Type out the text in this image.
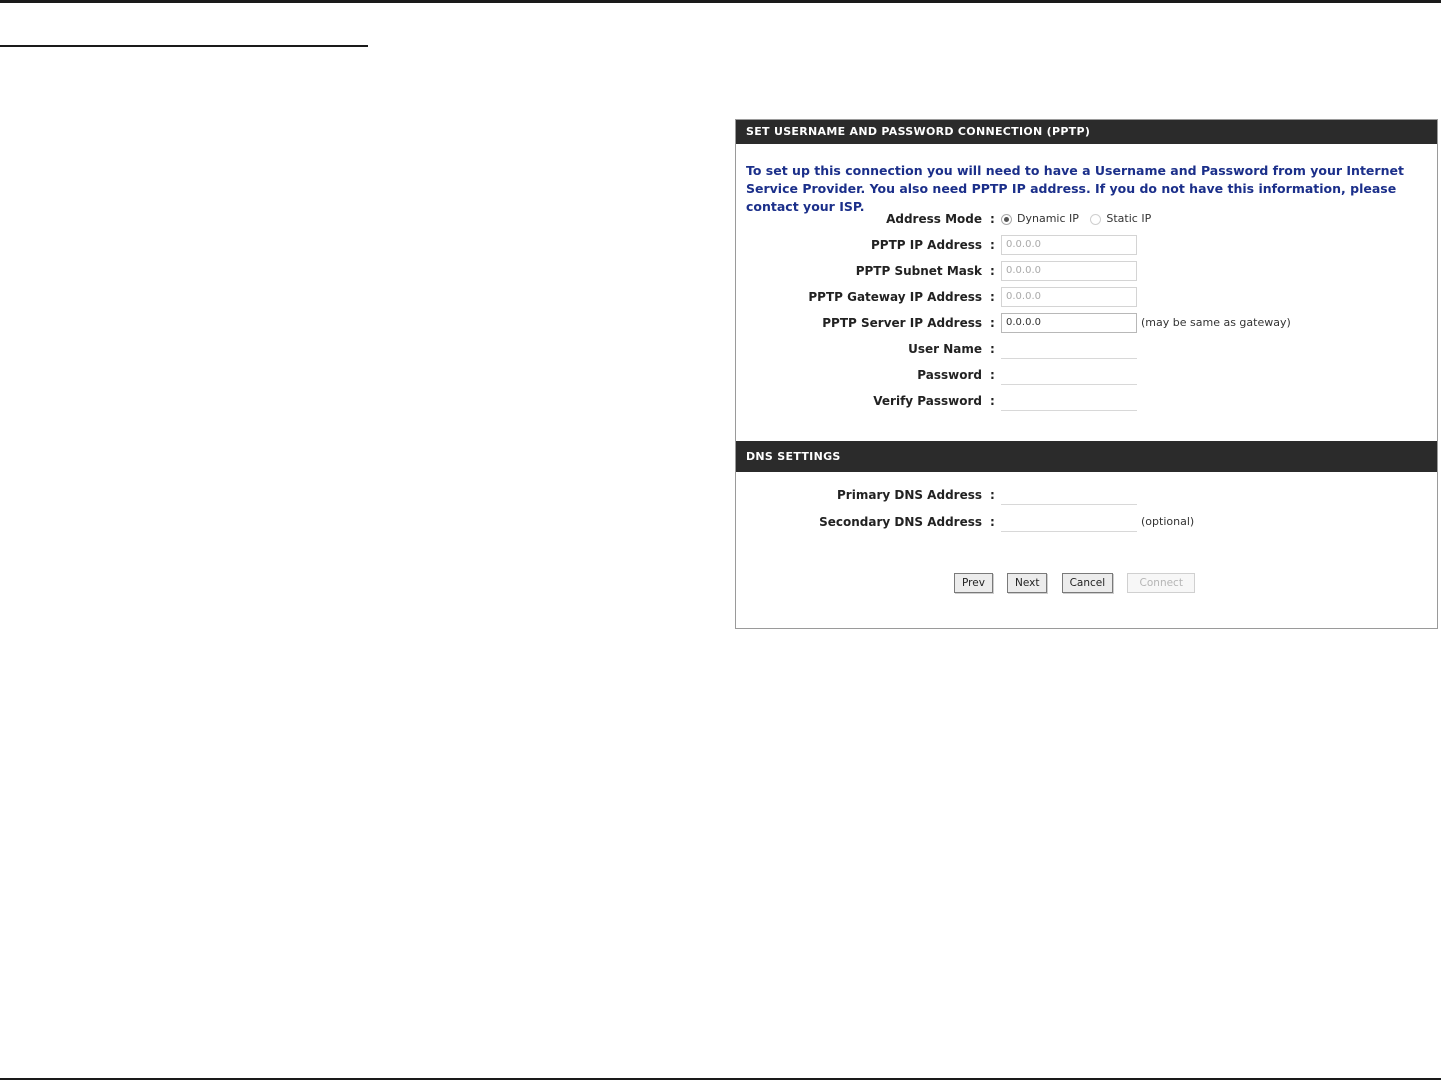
SET USERNAME AND PASSWORD CONNECTION (PPTP)
To set up this connection you will need to have a Username and Password from your Internet Service Provider. You also need PPTP IP address. If you do not have this information, please contact your ISP.
Address Mode :	Dynamic IP	Static IP
PPTP IP Address :	0.0.0.0
PPTP Subnet Mask :	0.0.0.0
PPTP Gateway IP Address :	0.0.0.0
PPTP Server IP Address :	0.0.0.0	(may be same as gateway)
User Name :
Password :
Verify Password :
DNS SETTINGS
Primary DNS Address :
Secondary DNS Address :	(optional)
Prev	Next	Cancel	Connect
